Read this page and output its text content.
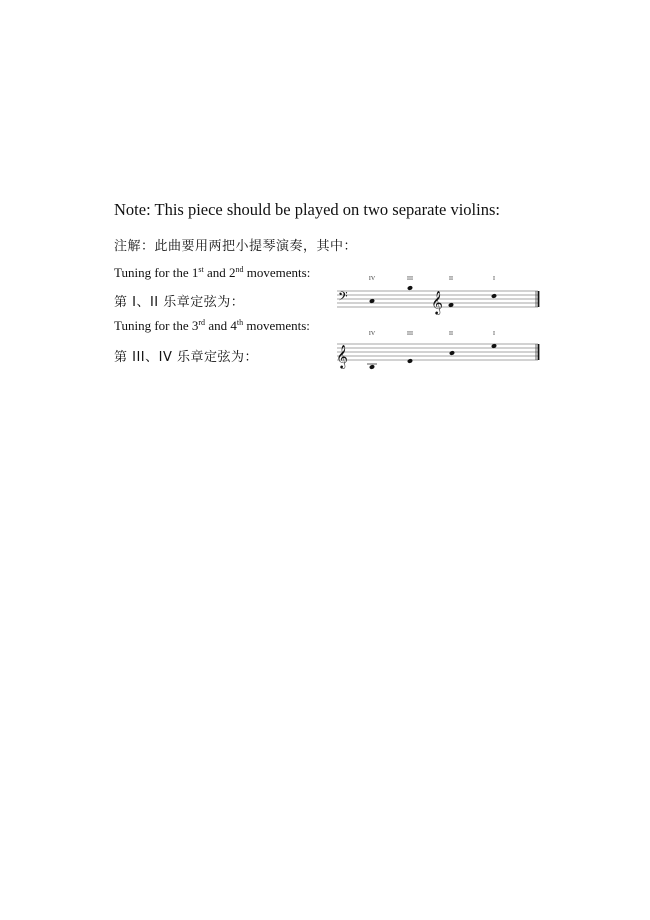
Note: This piece should be played on two separate violins:
注解：此曲要用两把小提琴演奏，其中：
Tuning for the 1st and 2nd movements:
第 I、II 乐章定弦为：
Tuning for the 3rd and 4th movements:
第 III、IV 乐章定弦为：
IV	III	II	I
𝄢	𝄞
IV	III	II	I
𝄞
